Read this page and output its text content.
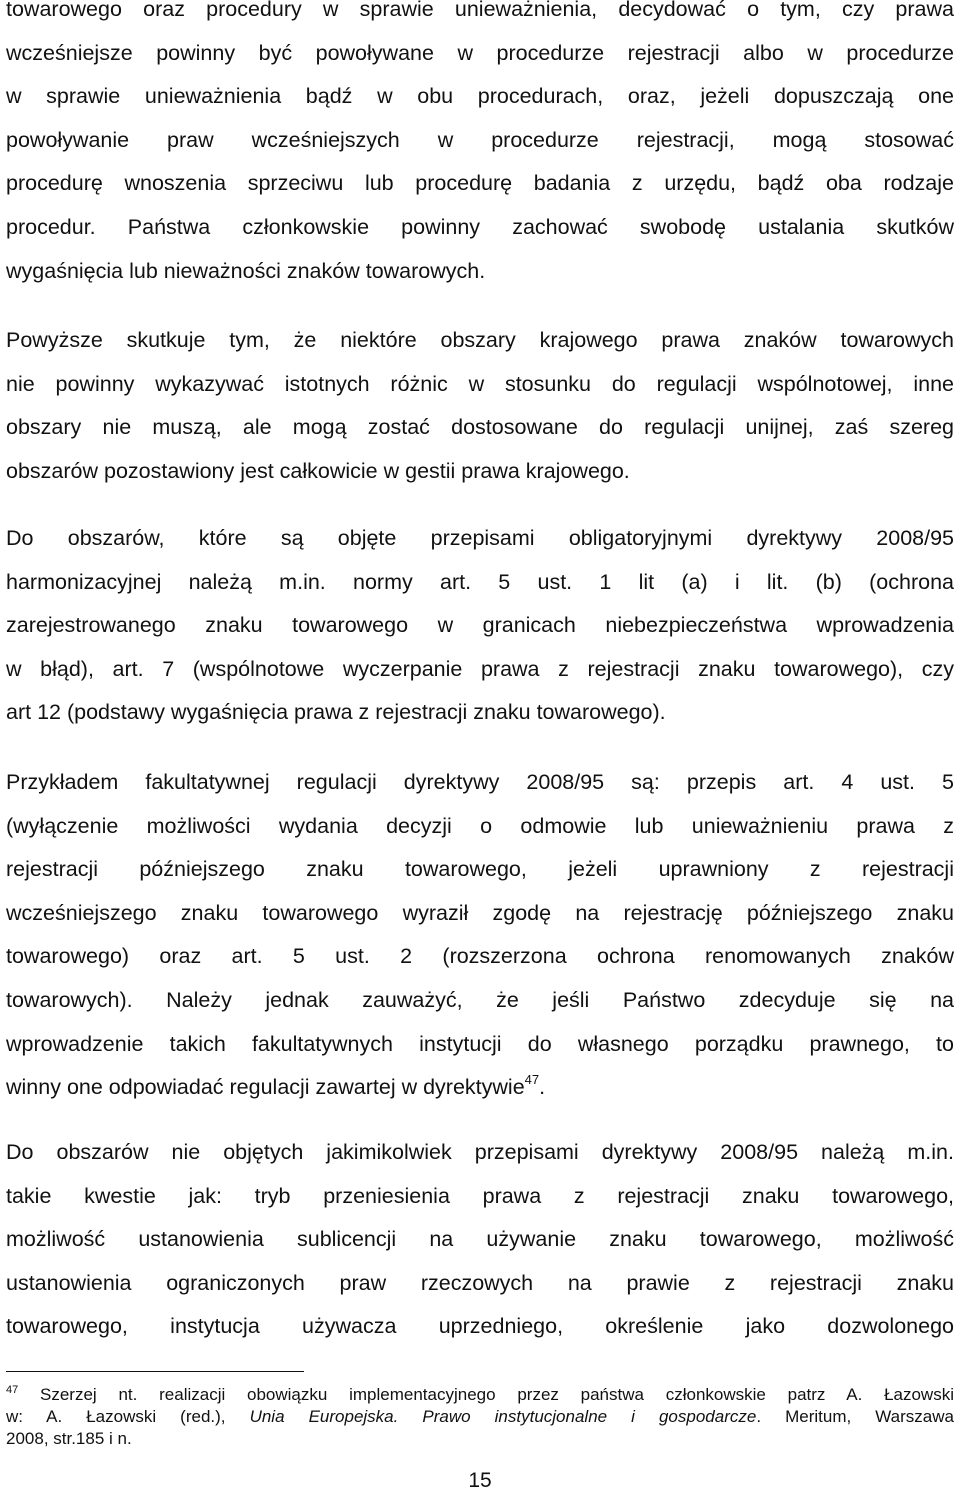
towarowego oraz procedury w sprawie unieważnienia, decydować o tym, czy prawa
wcześniejsze powinny być powoływane w procedurze rejestracji albo w procedurze
w sprawie unieważnienia bądź w obu procedurach, oraz, jeżeli dopuszczają one
powoływanie praw wcześniejszych w procedurze rejestracji, mogą stosować
procedurę wnoszenia sprzeciwu lub procedurę badania z urzędu, bądź oba rodzaje
procedur. Państwa członkowskie powinny zachować swobodę ustalania skutków
wygaśnięcia lub nieważności znaków towarowych.

Powyższe skutkuje tym, że niektóre obszary krajowego prawa znaków towarowych
nie powinny wykazywać istotnych różnic w stosunku do regulacji wspólnotowej, inne
obszary nie muszą, ale mogą zostać dostosowane do regulacji unijnej, zaś szereg
obszarów pozostawiony jest całkowicie w gestii prawa krajowego.

Do obszarów, które są objęte przepisami obligatoryjnymi dyrektywy 2008/95
harmonizacyjnej należą m.in. normy art. 5 ust. 1 lit (a) i lit. (b) (ochrona
zarejestrowanego znaku towarowego w granicach niebezpieczeństwa wprowadzenia
w błąd), art. 7 (wspólnotowe wyczerpanie prawa z rejestracji znaku towarowego), czy
art 12 (podstawy wygaśnięcia prawa z rejestracji znaku towarowego).

Przykładem fakultatywnej regulacji dyrektywy 2008/95 są: przepis art. 4 ust. 5
(wyłączenie możliwości wydania decyzji o odmowie lub unieważnieniu prawa z
rejestracji późniejszego znaku towarowego, jeżeli uprawniony z rejestracji
wcześniejszego znaku towarowego wyraził zgodę na rejestrację późniejszego znaku
towarowego) oraz art. 5 ust. 2 (rozszerzona ochrona renomowanych znaków
towarowych). Należy jednak zauważyć, że jeśli Państwo zdecyduje się na
wprowadzenie takich fakultatywnych instytucji do własnego porządku prawnego, to
winny one odpowiadać regulacji zawartej w dyrektywie$^{47}$.

Do obszarów nie objętych jakimikolwiek przepisami dyrektywy 2008/95 należą m.in.
takie kwestie jak: tryb przeniesienia prawa z rejestracji znaku towarowego,
możliwość ustanowienia sublicencji na używanie znaku towarowego, możliwość
ustanowienia ograniczonych praw rzeczowych na prawie z rejestracji znaku
towarowego, instytucja używacza uprzedniego, określenie jako dozwolonego

$^{47}$ Szerzej nt. realizacji obowiązku implementacyjnego przez państwa członkowskie patrz A. Łazowski
w: A. Łazowski (red.), Unia Europejska. Prawo instytucjonalne i gospodarcze. Meritum, Warszawa
2008, str.185 i n.
15
